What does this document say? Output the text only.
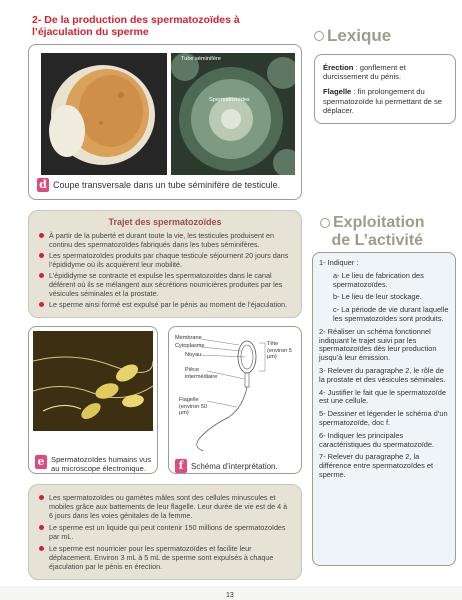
2- De la production des spermatozoïdes à l’éjaculation du sperme
Tube séminifère
Spermatozoïdes
d Coupe transversale dans un tube séminifère de testicule.
Trajet des spermatozoïdes
À partir de la puberté et durant toute la vie, les testicules produisent en continu des spermatozoïdes fabriqués dans les tubes séminifères.
Les spermatozoïdes produits par chaque testicule séjournent 20 jours dans l’épididyme où ils acquièrent leur mobilité.
L’épididyme se contracte et expulse les spermatozoïdes dans le canal déférent où ils se mélangent aux sécrétions nourricières produites par les vésicules séminales et la prostate.
Le sperme ainsi formé est expulsé par le pénis au moment de l’éjaculation.
e Spermatozoïdes humains vus au microscope électronique.
Membrane
Cytoplasme
Noyau
Pièce intermédiaire
Flagelle (environ 50 µm)
Tête (environ 5 µm)
f Schéma d’interprétation.
Les spermatozoïdes ou gamètes mâles sont des cellules minuscules et mobiles grâce aux battements de leur flagelle. Leur durée de vie est de 4 à 6 jours dans les voies génitales de la femme.
Le sperme est un liquide qui peut contenir 150 millions de spermatozoïdes par mL.
Le sperme est nourricier pour les spermatozoïdes et facilite leur déplacement. Environ 3 mL à 5 mL de sperme sont expulsés à chaque éjaculation par le pénis en érection.
Lexique

Érection : gonflement et durcissement du pénis.

Flagelle : fin prolongement du spermatozoïde lui permettant de se déplacer.

Exploitation
de L’activité
1- Indiquer :
a- Le lieu de fabrication des spermatozoïdes.
b- Le lieu de leur stockage.
c- La période de vie durant laquelle les spermatozoïdes sont produits.
2- Réaliser un schéma fonctionnel indiquant le trajet suivi par les spermatozoïdes dès leur production jusqu’à leur émission.
3- Relever du paragraphe 2, le rôle de la prostate et des vésicules séminales.
4- Justifier le fait que le spermatozoïde est une cellule.
5- Dessiner et légender le schéma d’un spermatozoïde, doc f.
6- Indiquer les principales caractéristiques du spermatozoïde.
7- Relever du paragraphe 2, la différence entre spermatozoïdes et sperme.
13
